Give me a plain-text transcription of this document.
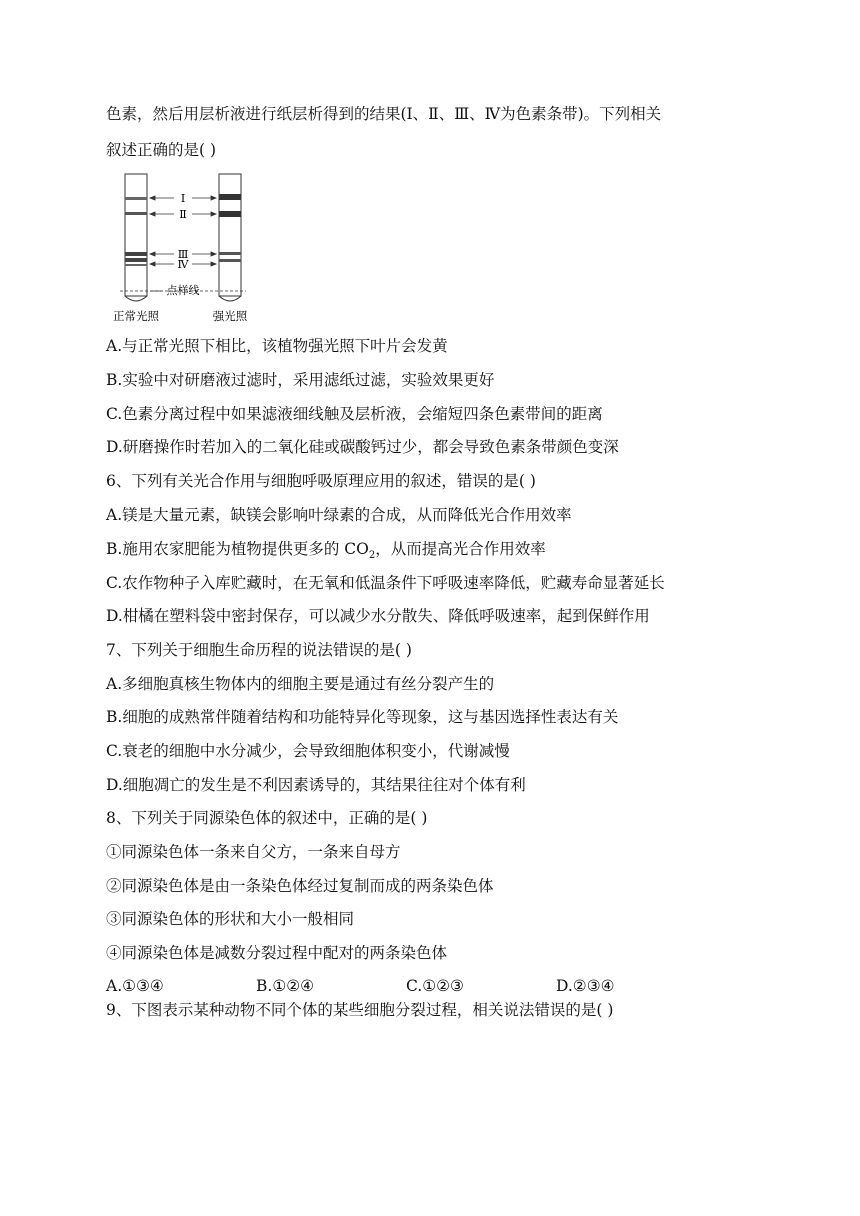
色素，然后用层析液进行纸层析得到的结果(Ⅰ、Ⅱ、Ⅲ、Ⅳ为色素条带)。下列相关
叙述正确的是( )
Ⅰ
Ⅱ
Ⅲ
Ⅳ
点样线
正常光照	强光照
A.与正常光照下相比，该植物强光照下叶片会发黄
B.实验中对研磨液过滤时，采用滤纸过滤，实验效果更好
C.色素分离过程中如果滤液细线触及层析液，会缩短四条色素带间的距离
D.研磨操作时若加入的二氧化硅或碳酸钙过少，都会导致色素条带颜色变深
6、下列有关光合作用与细胞呼吸原理应用的叙述，错误的是( )
A.镁是大量元素，缺镁会影响叶绿素的合成，从而降低光合作用效率
B.施用农家肥能为植物提供更多的 $CO_2$，从而提高光合作用效率
C.农作物种子入库贮藏时，在无氧和低温条件下呼吸速率降低，贮藏寿命显著延长
D.柑橘在塑料袋中密封保存，可以减少水分散失、降低呼吸速率，起到保鲜作用
7、下列关于细胞生命历程的说法错误的是( )
A.多细胞真核生物体内的细胞主要是通过有丝分裂产生的
B.细胞的成熟常伴随着结构和功能特异化等现象，这与基因选择性表达有关
C.衰老的细胞中水分减少，会导致细胞体积变小，代谢减慢
D.细胞凋亡的发生是不利因素诱导的，其结果往往对个体有利
8、下列关于同源染色体的叙述中，正确的是( )
①同源染色体一条来自父方，一条来自母方
②同源染色体是由一条染色体经过复制而成的两条染色体
③同源染色体的形状和大小一般相同
④同源染色体是减数分裂过程中配对的两条染色体
A.①③④	B.①②④	C.①②③	D.②③④
9、下图表示某种动物不同个体的某些细胞分裂过程，相关说法错误的是( )
